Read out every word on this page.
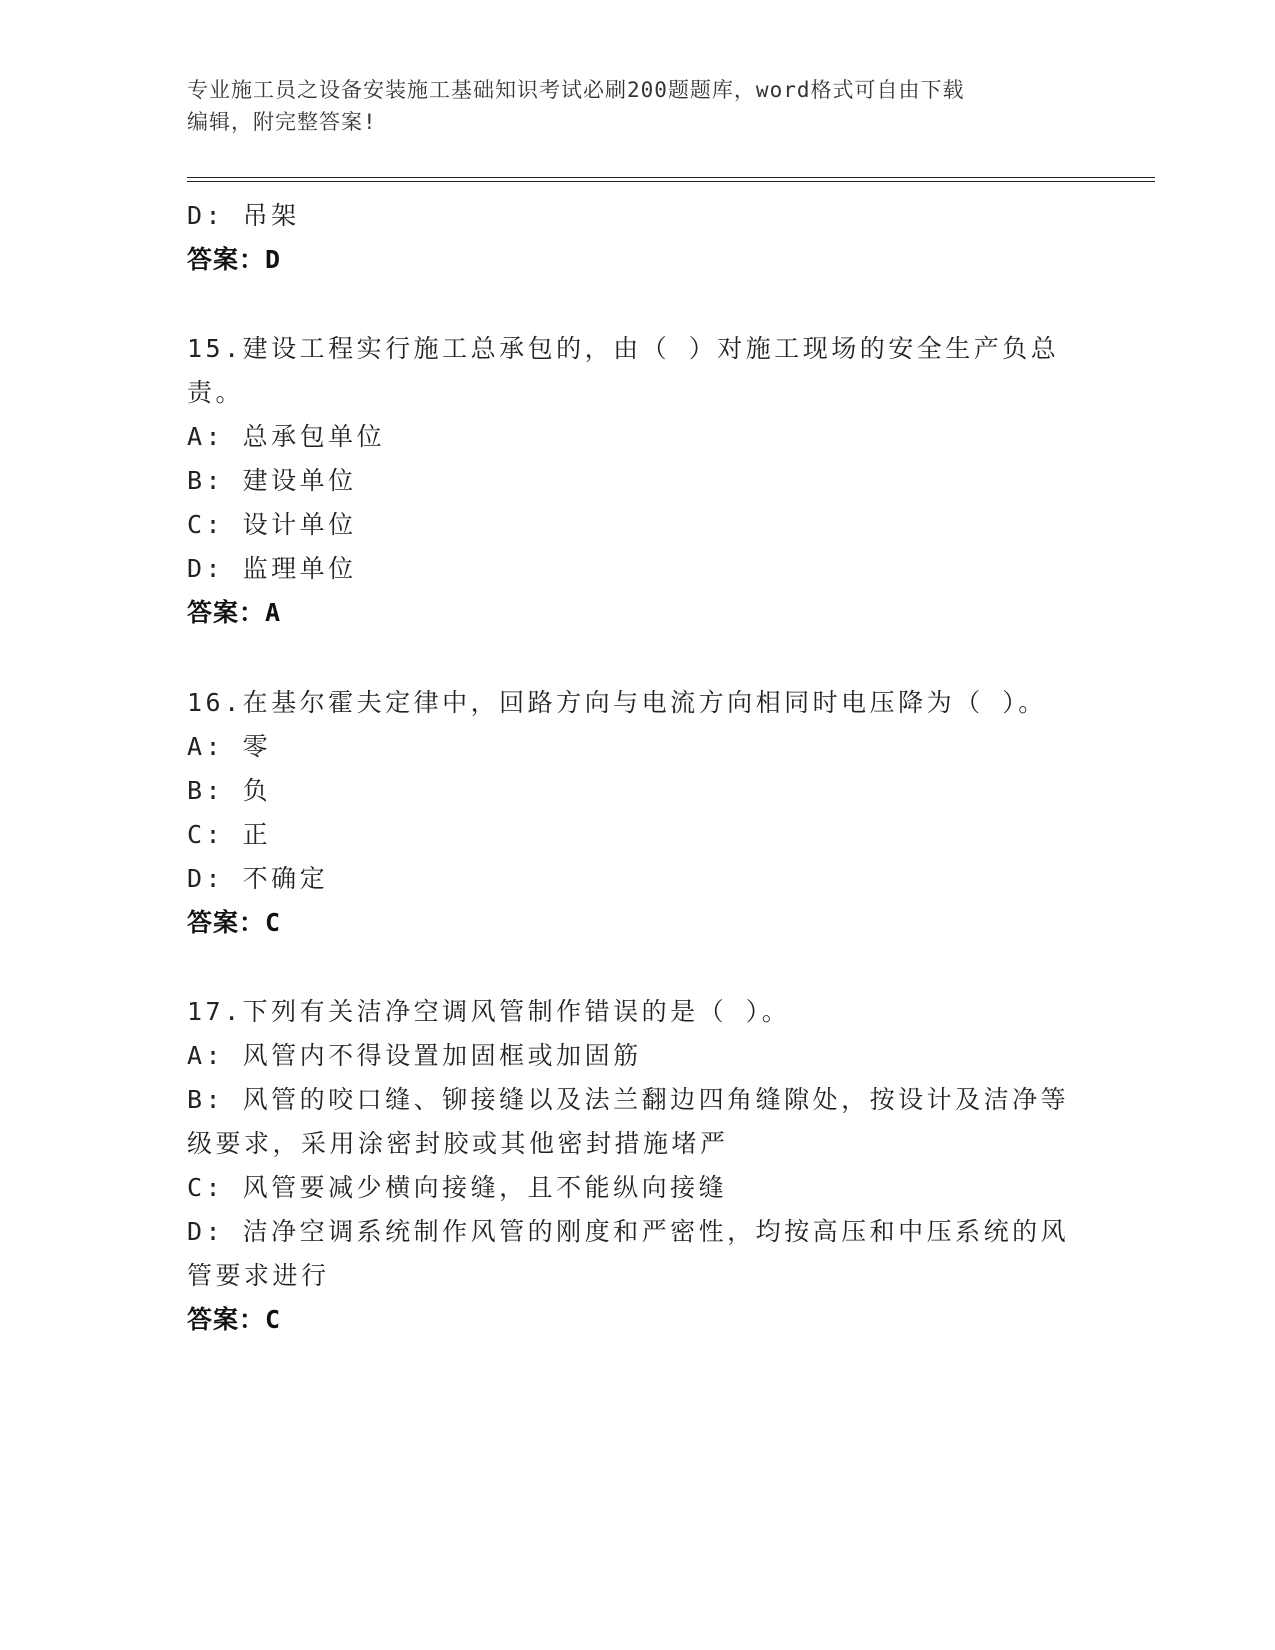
专业施工员之设备安装施工基础知识考试必刷200题题库，word格式可自由下载
编辑，附完整答案!
D: 吊架
答案：D
15.建设工程实行施工总承包的，由（ ）对施工现场的安全生产负总
责。
A: 总承包单位
B: 建设单位
C: 设计单位
D: 监理单位
答案：A
16.在基尔霍夫定律中，回路方向与电流方向相同时电压降为（ ）。
A: 零
B: 负
C: 正
D: 不确定
答案：C
17.下列有关洁净空调风管制作错误的是（ ）。
A: 风管内不得设置加固框或加固筋
B: 风管的咬口缝、铆接缝以及法兰翻边四角缝隙处，按设计及洁净等
级要求，采用涂密封胶或其他密封措施堵严
C: 风管要减少横向接缝，且不能纵向接缝
D: 洁净空调系统制作风管的刚度和严密性，均按高压和中压系统的风
管要求进行
答案：C
